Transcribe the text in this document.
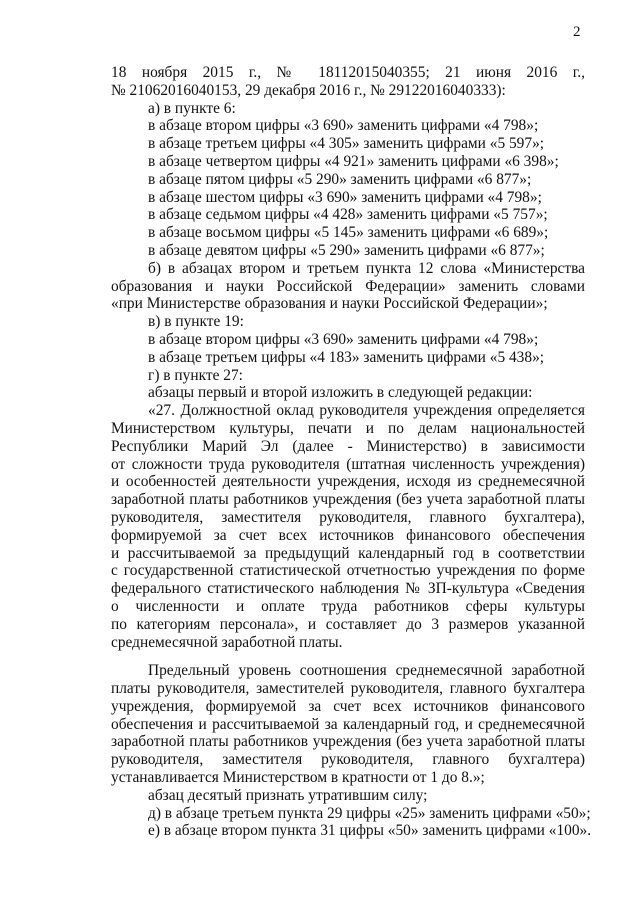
2
18 ноября 2015 г., № 18112015040355; 21 июня 2016 г.,
№ 21062016040153, 29 декабря 2016 г., № 29122016040333):
а) в пункте 6:
в абзаце втором цифры «3 690» заменить цифрами «4 798»;
в абзаце третьем цифры «4 305» заменить цифрами «5 597»;
в абзаце четвертом цифры «4 921» заменить цифрами «6 398»;
в абзаце пятом цифры «5 290» заменить цифрами «6 877»;
в абзаце шестом цифры «3 690» заменить цифрами «4 798»;
в абзаце седьмом цифры «4 428» заменить цифрами «5 757»;
в абзаце восьмом цифры «5 145» заменить цифрами «6 689»;
в абзаце девятом цифры «5 290» заменить цифрами «6 877»;
б) в абзацах втором и третьем пункта 12 слова «Министерства
образования и науки Российской Федерации» заменить словами
«при Министерстве образования и науки Российской Федерации»;
в) в пункте 19:
в абзаце втором цифры «3 690» заменить цифрами «4 798»;
в абзаце третьем цифры «4 183» заменить цифрами «5 438»;
г) в пункте 27:
абзацы первый и второй изложить в следующей редакции:
«27. Должностной оклад руководителя учреждения определяется
Министерством культуры, печати и по делам национальностей
Республики Марий Эл (далее - Министерство) в зависимости
от сложности труда руководителя (штатная численность учреждения)
и особенностей деятельности учреждения, исходя из среднемесячной
заработной платы работников учреждения (без учета заработной платы
руководителя, заместителя руководителя, главного бухгалтера),
формируемой за счет всех источников финансового обеспечения
и рассчитываемой за предыдущий календарный год в соответствии
с государственной статистической отчетностью учреждения по форме
федерального статистического наблюдения № ЗП-культура «Сведения
о численности и оплате труда работников сферы культуры
по категориям персонала», и составляет до 3 размеров указанной
среднемесячной заработной платы.
Предельный уровень соотношения среднемесячной заработной
платы руководителя, заместителей руководителя, главного бухгалтера
учреждения, формируемой за счет всех источников финансового
обеспечения и рассчитываемой за календарный год, и среднемесячной
заработной платы работников учреждения (без учета заработной платы
руководителя, заместителя руководителя, главного бухгалтера)
устанавливается Министерством в кратности от 1 до 8.»;
абзац десятый признать утратившим силу;
д) в абзаце третьем пункта 29 цифры «25» заменить цифрами «50»;
е) в абзаце втором пункта 31 цифры «50» заменить цифрами «100».
